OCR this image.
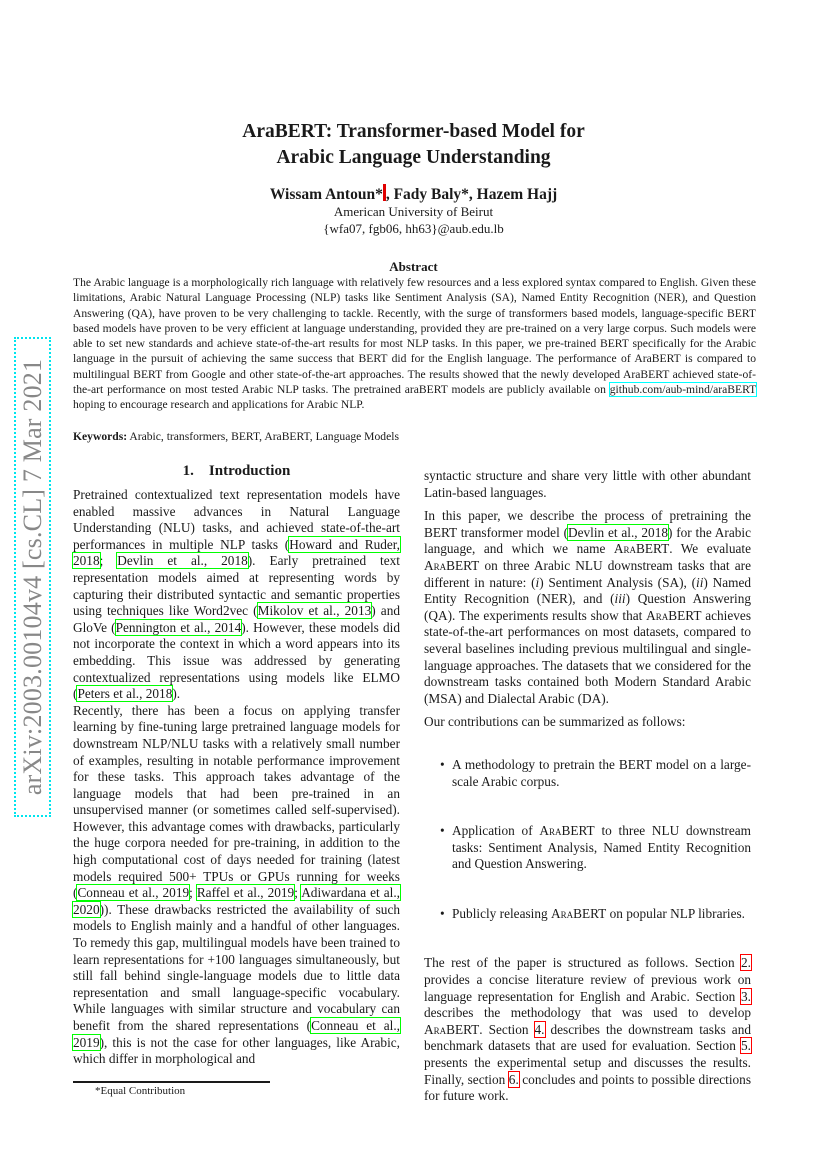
arXiv:2003.00104v4 [cs.CL] 7 Mar 2021
AraBERT: Transformer-based Model for
Arabic Language Understanding
Wissam Antoun* , Fady Baly*, Hazem Hajj
American University of Beirut
{wfa07, fgb06, hh63}@aub.edu.lb
Abstract
The Arabic language is a morphologically rich language with relatively few resources and a less explored syntax compared to English. Given these limitations, Arabic Natural Language Processing (NLP) tasks like Sentiment Analysis (SA), Named Entity Recognition (NER), and Question Answering (QA), have proven to be very challenging to tackle. Recently, with the surge of transformers based models, language-specific BERT based models have proven to be very efficient at language understanding, provided they are pre-trained on a very large corpus. Such models were able to set new standards and achieve state-of-the-art results for most NLP tasks. In this paper, we pre-trained BERT specifically for the Arabic language in the pursuit of achieving the same success that BERT did for the English language. The performance of AraBERT is compared to multilingual BERT from Google and other state-of-the-art approaches. The results showed that the newly developed AraBERT achieved state-of-the-art performance on most tested Arabic NLP tasks. The pretrained araBERT models are publicly available on github.com/aub-mind/araBERT hoping to encourage research and applications for Arabic NLP.
Keywords: Arabic, transformers, BERT, AraBERT, Language Models
1.    Introduction

Pretrained contextualized text representation models have enabled massive advances in Natural Language Understanding (NLU) tasks, and achieved state-of-the-art performances in multiple NLP tasks (Howard and Ruder, 2018; Devlin et al., 2018). Early pretrained text representation models aimed at representing words by capturing their distributed syntactic and semantic properties using techniques like Word2vec (Mikolov et al., 2013) and GloVe (Pennington et al., 2014). However, these models did not incorporate the context in which a word appears into its embedding. This issue was addressed by generating contextualized representations using models like ELMO (Peters et al., 2018).

Recently, there has been a focus on applying transfer learning by fine-tuning large pretrained language models for downstream NLP/NLU tasks with a relatively small number of examples, resulting in notable performance improvement for these tasks. This approach takes advantage of the language models that had been pre-trained in an unsupervised manner (or sometimes called self-supervised). However, this advantage comes with drawbacks, particularly the huge corpora needed for pre-training, in addition to the high computational cost of days needed for training (latest models required 500+ TPUs or GPUs running for weeks (Conneau et al., 2019; Raffel et al., 2019; Adiwardana et al., 2020)). These drawbacks restricted the availability of such models to English mainly and a handful of other languages. To remedy this gap, multilingual models have been trained to learn representations for +100 languages simultaneously, but still fall behind single-language models due to little data representation and small language-specific vocabulary. While languages with similar structure and vocabulary can benefit from the shared representations (Conneau et al., 2019), this is not the case for other languages, like Arabic, which differ in morphological and

syntactic structure and share very little with other abundant Latin-based languages.

In this paper, we describe the process of pretraining the BERT transformer model (Devlin et al., 2018) for the Arabic language, and which we name AraBERT. We evaluate AraBERT on three Arabic NLU downstream tasks that are different in nature: (i) Sentiment Analysis (SA), (ii) Named Entity Recognition (NER), and (iii) Question Answering (QA). The experiments results show that AraBERT achieves state-of-the-art performances on most datasets, compared to several baselines including previous multilingual and single-language approaches. The datasets that we considered for the downstream tasks contained both Modern Standard Arabic (MSA) and Dialectal Arabic (DA).

Our contributions can be summarized as follows:

• A methodology to pretrain the BERT model on a large-scale Arabic corpus.
• Application of AraBERT to three NLU downstream tasks: Sentiment Analysis, Named Entity Recognition and Question Answering.
• Publicly releasing AraBERT on popular NLP libraries.

The rest of the paper is structured as follows. Section 2. provides a concise literature review of previous work on language representation for English and Arabic. Section 3. describes the methodology that was used to develop AraBERT. Section 4. describes the downstream tasks and benchmark datasets that are used for evaluation. Section 5. presents the experimental setup and discusses the results. Finally, section 6. concludes and points to possible directions for future work.

*Equal Contribution
